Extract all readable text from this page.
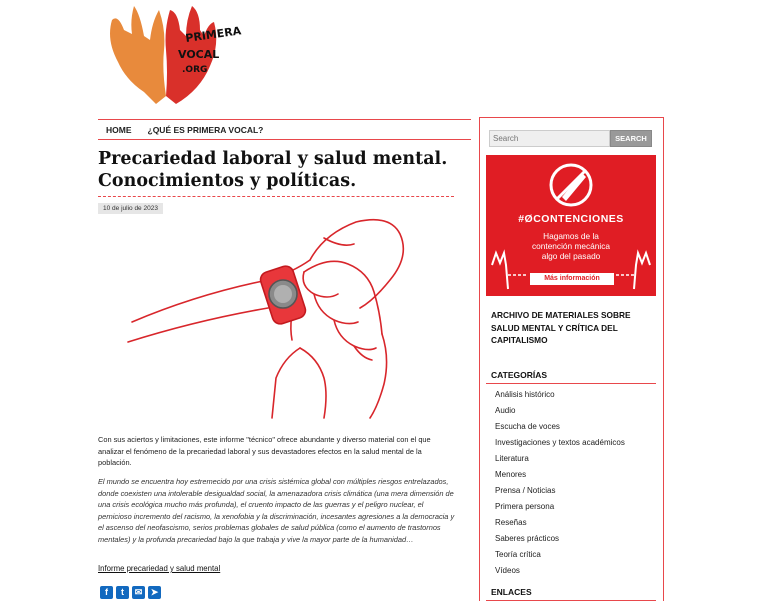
PRIMERA
VOCAL
.ORG
HOME	¿QUÉ ES PRIMERA VOCAL?
Precariedad laboral y salud mental. Conocimientos y políticas.
10 de julio de 2023
Con sus aciertos y limitaciones, este informe "técnico" ofrece abundante y diverso material con el que analizar el fenómeno de la precariedad laboral y sus devastadores efectos en la salud mental de la población.
El mundo se encuentra hoy estremecido por una crisis sistémica global con múltiples riesgos entrelazados, donde coexisten una intolerable desigualdad social, la amenazadora crisis climática (una mera dimensión de una crisis ecológica mucho más profunda), el cruento impacto de las guerras y el peligro nuclear, el pernicioso incremento del racismo, la xenofobia y la discriminación, incesantes agresiones a la democracia y el ascenso del neofascismo, serios problemas globales de salud pública (como el aumento de trastornos mentales) y la profunda precariedad bajo la que trabaja y vive la mayor parte de la humanidad…
Informe precariedad y salud mental
f	t	✉ ➤
Search
SEARCH
#ØCONTENCIONES
Hagamos de la
contención mecánica
algo del pasado
Más información
ARCHIVO DE MATERIALES SOBRE SALUD MENTAL Y CRÍTICA DEL CAPITALISMO
CATEGORÍAS
Análisis histórico
Audio
Escucha de voces
Investigaciones y textos académicos
Literatura
Menores
Prensa / Noticias
Primera persona
Reseñas
Saberes prácticos
Teoría crítica
Vídeos
ENLACES
